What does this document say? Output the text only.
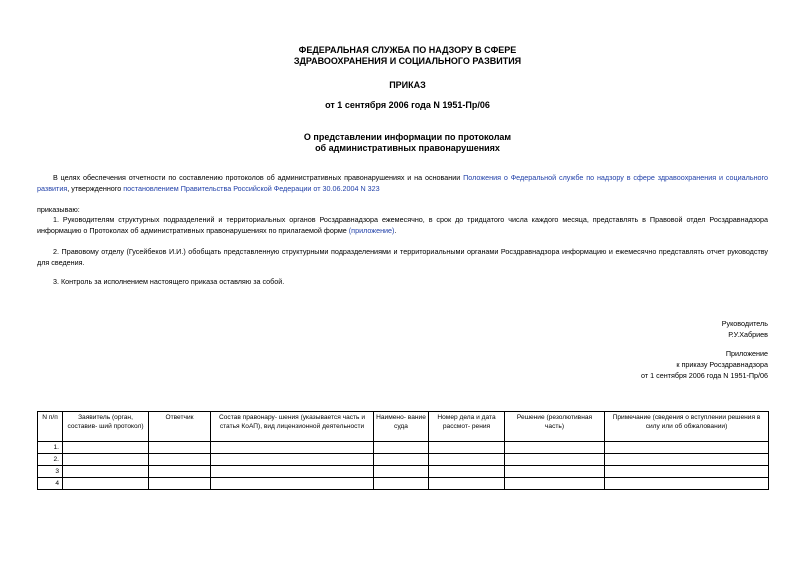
ФЕДЕРАЛЬНАЯ СЛУЖБА ПО НАДЗОРУ В СФЕРЕ
ЗДРАВООХРАНЕНИЯ И СОЦИАЛЬНОГО РАЗВИТИЯ
ПРИКАЗ
от 1 сентября 2006 года N 1951-Пр/06
О представлении информации по протоколам
об административных правонарушениях
В целях обеспечения отчетности по составлению протоколов об административных правонарушениях и на основании Положения о Федеральной службе по надзору в сфере здравоохранения и социального развития, утвержденного постановлением Правительства Российской Федерации от 30.06.2004 N 323
приказываю:
1. Руководителям структурных подразделений и территориальных органов Росздравнадзора ежемесячно, в срок до тридцатого числа каждого месяца, представлять в Правовой отдел Росздравнадзора информацию о Протоколах об административных правонарушениях по прилагаемой форме (приложение).
2. Правовому отделу (Гусейбеков И.И.) обобщать представленную структурными подразделениями и территориальными органами Росздравнадзора информацию и ежемесячно представлять отчет руководству для сведения.
3. Контроль за исполнением настоящего приказа оставляю за собой.
Руководитель
Р.У.Хабриев
Приложение
к приказу Росздравнадзора
от 1 сентября 2006 года N 1951-Пр/06
N п/п	Заявитель (орган, составив- ший протокол)	Ответчик	Состав правонару- шения (указывается часть и статья КоАП), вид лицензионной деятельности	Наимено- вание суда	Номер дела и дата рассмот- рения	Решение (резолютивная часть)	Примечание (сведения о вступлении решения в силу или об обжаловании)
1.							
2.							
3							
4							
